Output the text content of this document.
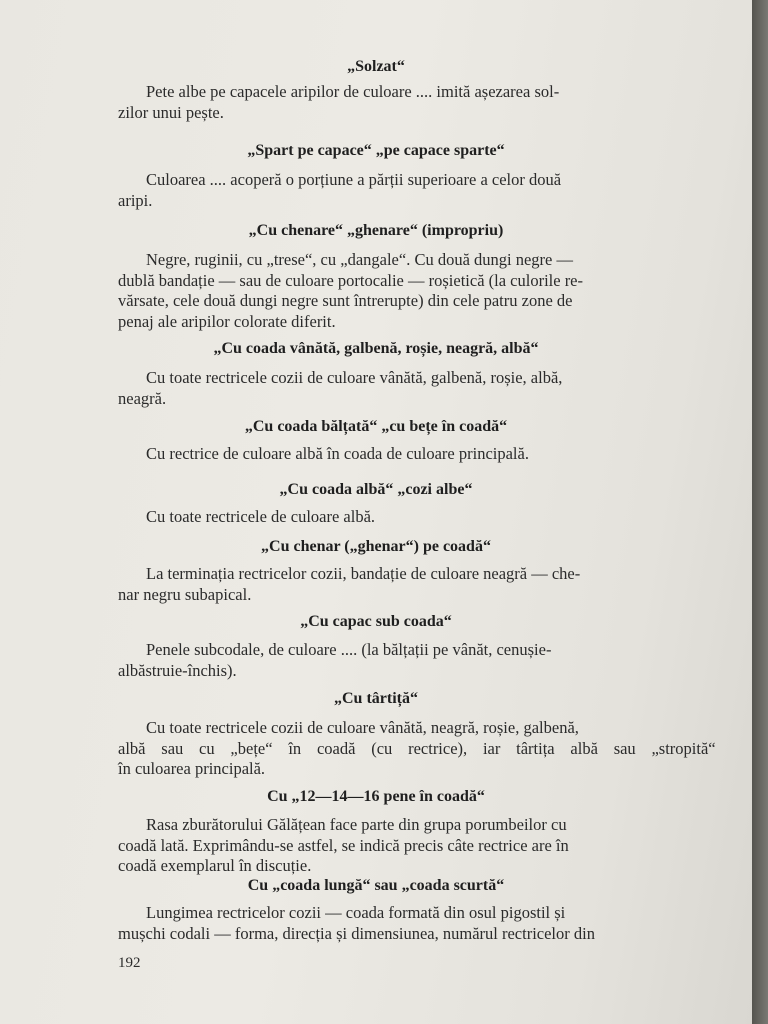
„Solzat“
Pete albe pe capacele aripilor de culoare .... imită așezarea sol-
zilor unui pește.
„Spart pe capace“ „pe capace sparte“
Culoarea .... acoperă o porțiune a părții superioare a celor două
aripi.
„Cu chenare“ „ghenare“ (impropriu)
Negre, ruginii, cu „trese“, cu „dangale“. Cu două dungi negre —
dublă bandație — sau de culoare portocalie — roșietică (la culorile re-
vărsate, cele două dungi negre sunt întrerupte) din cele patru zone de
penaj ale aripilor colorate diferit.
„Cu coada vânătă, galbenă, roșie, neagră, albă“
Cu toate rectricele cozii de culoare vânătă, galbenă, roșie, albă,
neagră.
„Cu coada bălțată“ „cu bețe în coadă“
Cu rectrice de culoare albă în coada de culoare principală.
„Cu coada albă“ „cozi albe“
Cu toate rectricele de culoare albă.
„Cu chenar („ghenar“) pe coadă“
La terminația rectricelor cozii, bandație de culoare neagră — che-
nar negru subapical.
„Cu capac sub coada“
Penele subcodale, de culoare .... (la bălțații pe vânăt, cenușie-
albăstruie-închis).
„Cu târtiță“
Cu toate rectricele cozii de culoare vânătă, neagră, roșie, galbenă,
albă sau cu „bețe“ în coadă (cu rectrice), iar târtița albă sau „stropită“
în culoarea principală.
Cu „12—14—16 pene în coadă“
Rasa zburătorului Gălățean face parte din grupa porumbeilor cu
coadă lată. Exprimându-se astfel, se indică precis câte rectrice are în
coadă exemplarul în discuție.
Cu „coada lungă“ sau „coada scurtă“
Lungimea rectricelor cozii — coada formată din osul pigostil și
mușchi codali — forma, direcția și dimensiunea, numărul rectricelor din
192
